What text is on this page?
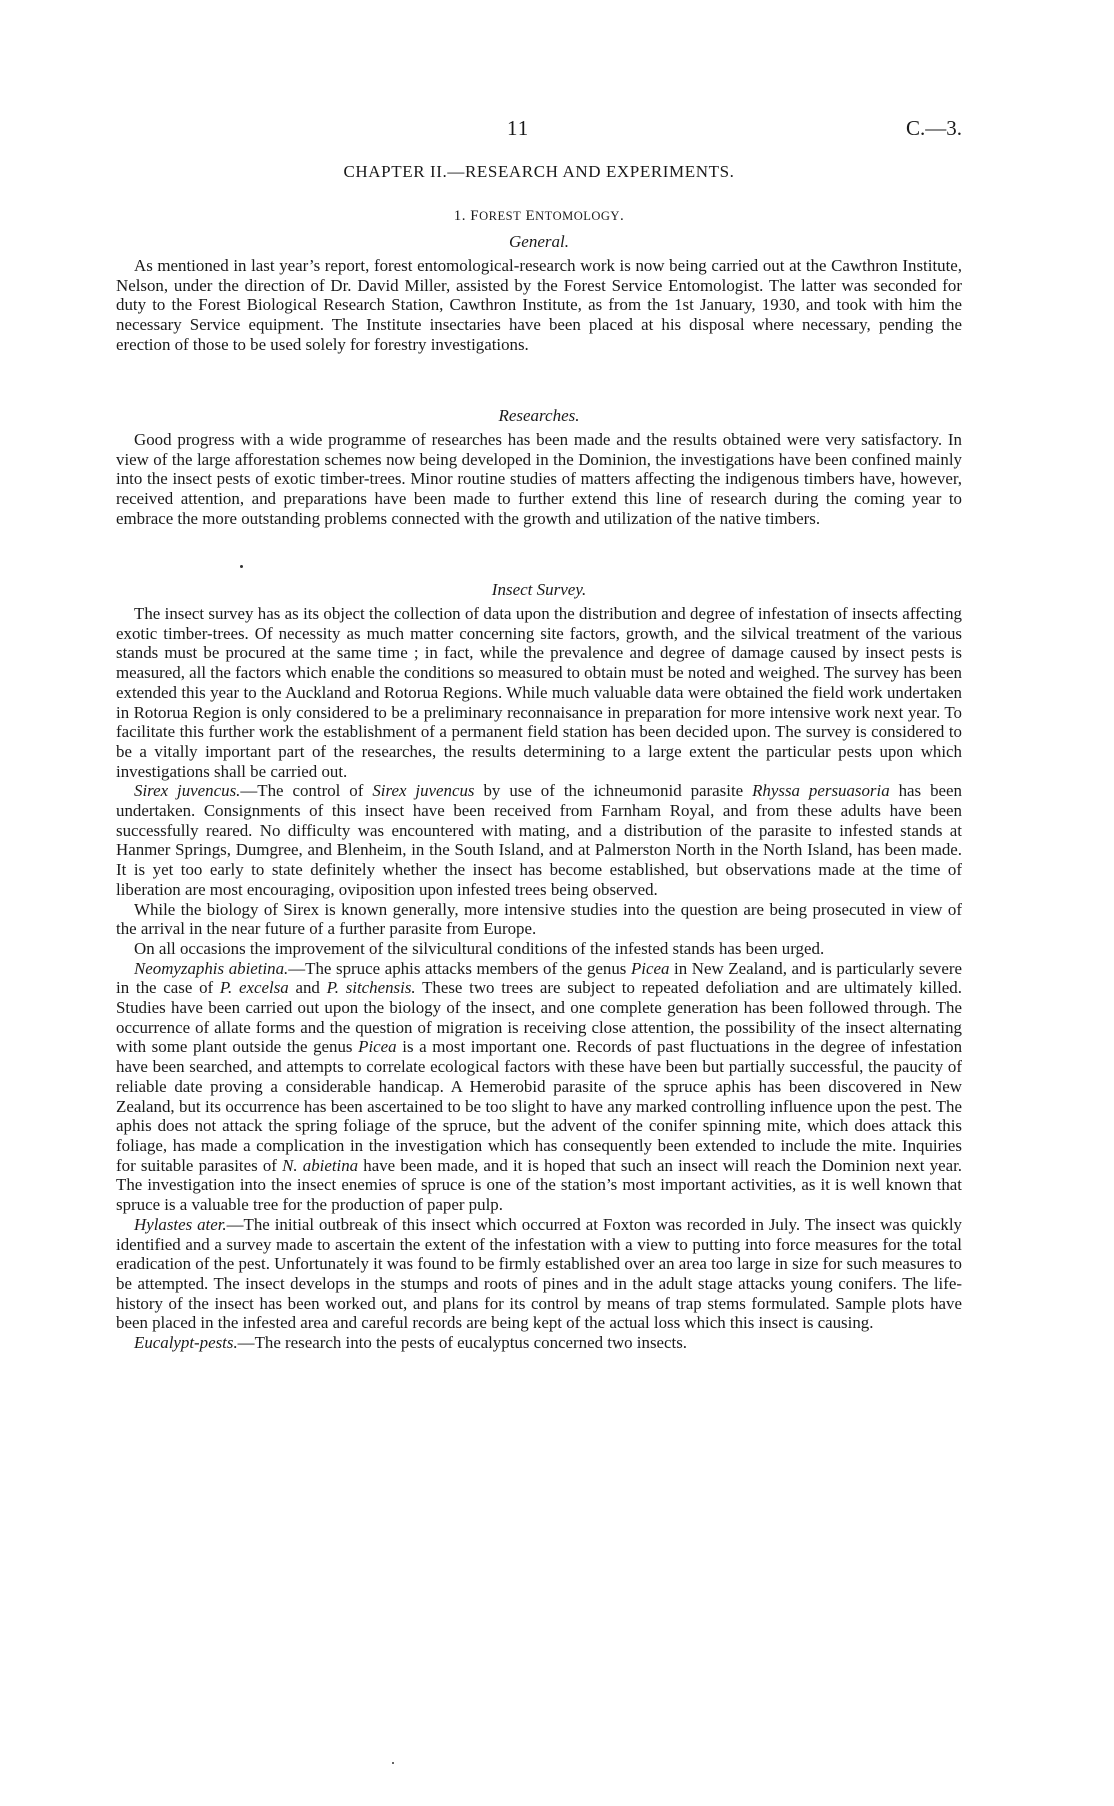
11	C.—3.
CHAPTER II.—RESEARCH AND EXPERIMENTS.
1. FOREST ENTOMOLOGY.
General.

As mentioned in last year’s report, forest entomological-research work is now being carried out at the Cawthron Institute, Nelson, under the direction of Dr. David Miller, assisted by the Forest Service Entomologist. The latter was seconded for duty to the Forest Biological Research Station, Cawthron Institute, as from the 1st January, 1930, and took with him the necessary Service equipment. The Institute insectaries have been placed at his disposal where necessary, pending the erection of those to be used solely for forestry investigations.

Researches.

Good progress with a wide programme of researches has been made and the results obtained were very satisfactory. In view of the large afforestation schemes now being developed in the Dominion, the investigations have been confined mainly into the insect pests of exotic timber-trees. Minor routine studies of matters affecting the indigenous timbers have, however, received attention, and preparations have been made to further extend this line of research during the coming year to embrace the more outstanding problems connected with the growth and utilization of the native timbers.

Insect Survey.

The insect survey has as its object the collection of data upon the distribution and degree of infestation of insects affecting exotic timber-trees. Of necessity as much matter concerning site factors, growth, and the silvical treatment of the various stands must be procured at the same time ; in fact, while the prevalence and degree of damage caused by insect pests is measured, all the factors which enable the conditions so measured to obtain must be noted and weighed. The survey has been extended this year to the Auckland and Rotorua Regions. While much valuable data were obtained the field work undertaken in Rotorua Region is only considered to be a preliminary reconnaisance in preparation for more intensive work next year. To facilitate this further work the establishment of a permanent field station has been decided upon. The survey is considered to be a vitally important part of the researches, the results determining to a large extent the particular pests upon which investigations shall be carried out.

Sirex juvencus.—The control of Sirex juvencus by use of the ichneumonid parasite Rhyssa persuasoria has been undertaken. Consignments of this insect have been received from Farnham Royal, and from these adults have been successfully reared. No difficulty was encountered with mating, and a distribution of the parasite to infested stands at Hanmer Springs, Dumgree, and Blenheim, in the South Island, and at Palmerston North in the North Island, has been made. It is yet too early to state definitely whether the insect has become established, but observations made at the time of liberation are most encouraging, oviposition upon infested trees being observed.

While the biology of Sirex is known generally, more intensive studies into the question are being prosecuted in view of the arrival in the near future of a further parasite from Europe.

On all occasions the improvement of the silvicultural conditions of the infested stands has been urged.

Neomyzaphis abietina.—The spruce aphis attacks members of the genus Picea in New Zealand, and is particularly severe in the case of P. excelsa and P. sitchensis. These two trees are subject to repeated defoliation and are ultimately killed. Studies have been carried out upon the biology of the insect, and one complete generation has been followed through. The occurrence of allate forms and the question of migration is receiving close attention, the possibility of the insect alternating with some plant outside the genus Picea is a most important one. Records of past fluctuations in the degree of infestation have been searched, and attempts to correlate ecological factors with these have been but partially successful, the paucity of reliable date proving a considerable handicap. A Hemerobid parasite of the spruce aphis has been discovered in New Zealand, but its occurrence has been ascertained to be too slight to have any marked controlling influence upon the pest. The aphis does not attack the spring foliage of the spruce, but the advent of the conifer spinning mite, which does attack this foliage, has made a complication in the investigation which has consequently been extended to include the mite. Inquiries for suitable parasites of N. abietina have been made, and it is hoped that such an insect will reach the Dominion next year. The investigation into the insect enemies of spruce is one of the station’s most important activities, as it is well known that spruce is a valuable tree for the production of paper pulp.

Hylastes ater.—The initial outbreak of this insect which occurred at Foxton was recorded in July. The insect was quickly identified and a survey made to ascertain the extent of the infestation with a view to putting into force measures for the total eradication of the pest. Unfortunately it was found to be firmly established over an area too large in size for such measures to be attempted. The insect develops in the stumps and roots of pines and in the adult stage attacks young conifers. The life-history of the insect has been worked out, and plans for its control by means of trap stems formulated. Sample plots have been placed in the infested area and careful records are being kept of the actual loss which this insect is causing.

Eucalypt-pests.—The research into the pests of eucalyptus concerned two insects.
